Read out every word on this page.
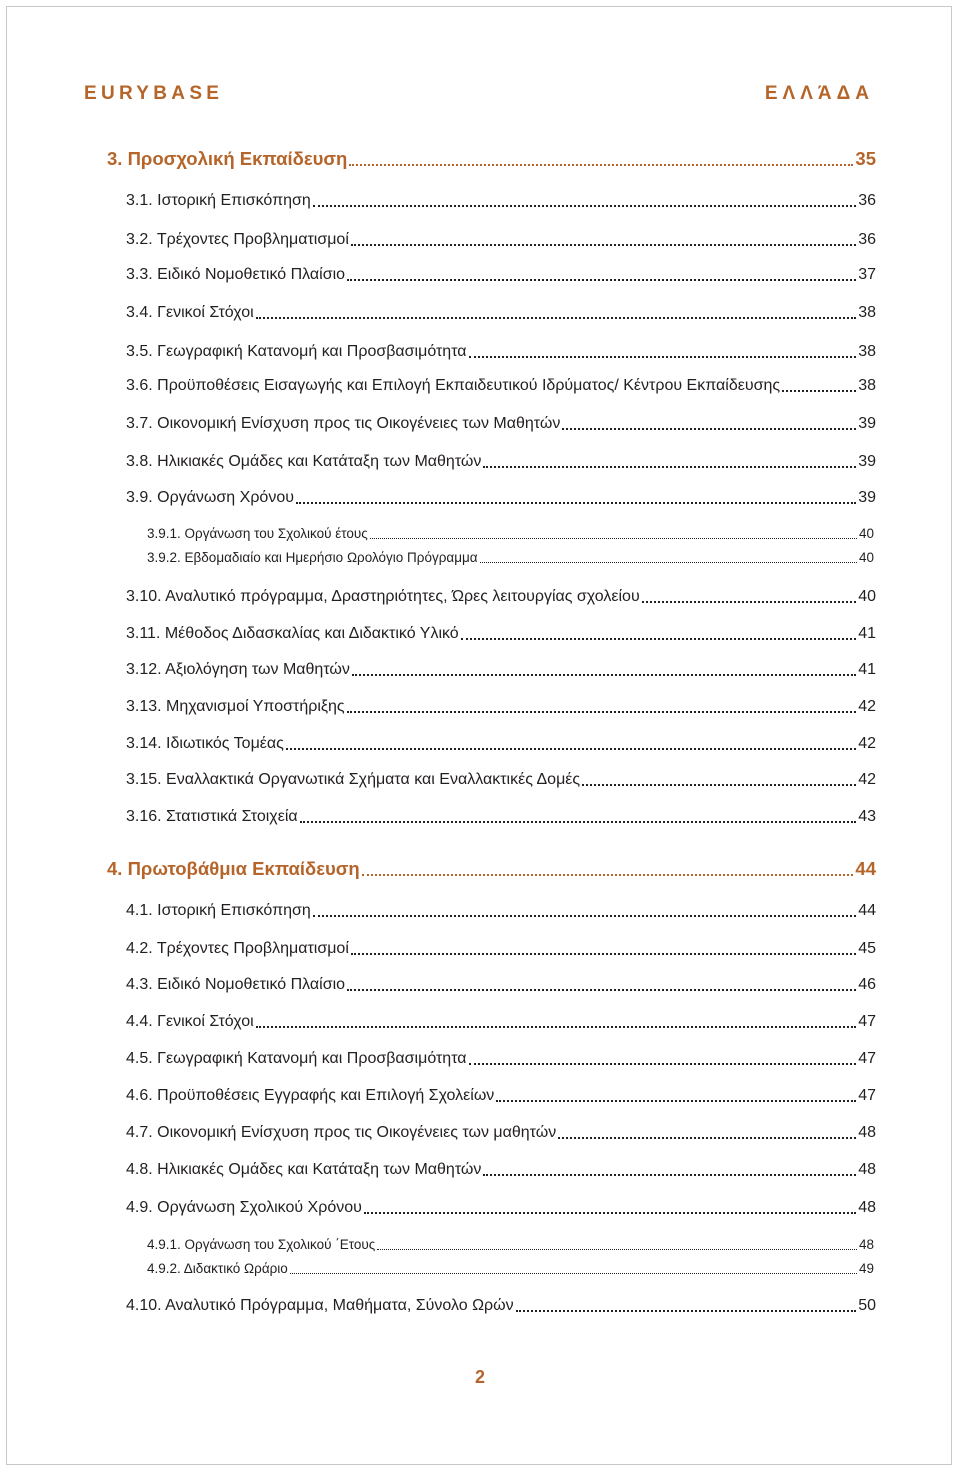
EURYBASE	ΕΛΛΆΔΑ
3. Προσχολική Εκπαίδευση	35
3.1. Ιστορική Επισκόπηση	36
3.2. Τρέχοντες Προβληματισμοί	36
3.3. Ειδικό Νομοθετικό Πλαίσιο	37
3.4. Γενικοί Στόχοι	38
3.5. Γεωγραφική Κατανομή και Προσβασιμότητα	38
3.6. Προϋποθέσεις Εισαγωγής και Επιλογή Εκπαιδευτικού Ιδρύματος/ Κέντρου Εκπαίδευσης	38
3.7. Οικονομική Ενίσχυση προς τις Οικογένειες των Μαθητών	39
3.8. Ηλικιακές Ομάδες και Κατάταξη των Μαθητών	39
3.9. Οργάνωση Χρόνου	39
3.9.1. Οργάνωση του Σχολικού έτους	40
3.9.2. Εβδομαδιαίο και Ημερήσιο Ωρολόγιο Πρόγραμμα	40
3.10. Αναλυτικό πρόγραμμα, Δραστηριότητες, Ώρες λειτουργίας σχολείου	40
3.11. Μέθοδος Διδασκαλίας και Διδακτικό Υλικό	41
3.12. Αξιολόγηση των Μαθητών	41
3.13. Μηχανισμοί Υποστήριξης	42
3.14. Ιδιωτικός Τομέας	42
3.15. Εναλλακτικά Οργανωτικά Σχήματα και Εναλλακτικές Δομές	42
3.16. Στατιστικά Στοιχεία	43
4. Πρωτοβάθμια Εκπαίδευση	44
4.1. Ιστορική Επισκόπηση	44
4.2. Τρέχοντες Προβληματισμοί	45
4.3. Ειδικό Νομοθετικό Πλαίσιο	46
4.4. Γενικοί Στόχοι	47
4.5. Γεωγραφική Κατανομή και Προσβασιμότητα	47
4.6. Προϋποθέσεις Εγγραφής και Επιλογή Σχολείων	47
4.7. Οικονομική Ενίσχυση προς τις Οικογένειες των μαθητών	48
4.8. Ηλικιακές Ομάδες και Κατάταξη των Μαθητών	48
4.9. Οργάνωση Σχολικού Χρόνου	48
4.9.1. Οργάνωση του Σχολικού ΄Ετους	48
4.9.2. Διδακτικό Ωράριο	49
4.10. Αναλυτικό Πρόγραμμα, Μαθήματα, Σύνολο Ωρών	50
2
